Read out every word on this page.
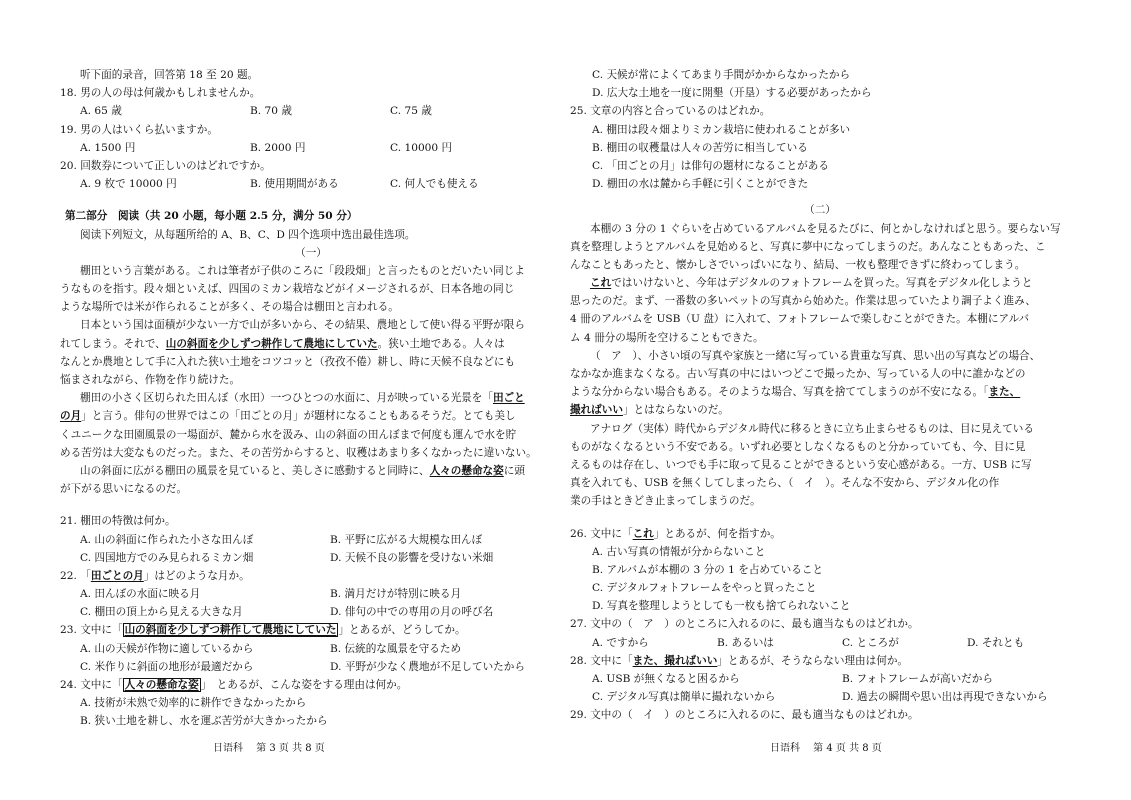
听下面的录音，回答第 18 至 20 题。
18. 男の人の母は何歳かもしれませんか。
A. 65 歳	B. 70 歳	C. 75 歳
19. 男の人はいくら払いますか。
A. 1500 円	B. 2000 円	C. 10000 円
20. 回数券について正しいのはどれですか。
A. 9 枚で 10000 円	B. 使用期間がある	C. 何人でも使える
第二部分　阅读（共 20 小题，每小题 2.5 分，满分 50 分）
阅读下列短文，从每题所给的 A、B、C、D 四个选项中选出最佳选项。
（一）
棚田という言葉がある。これは筆者が子供のころに「段段畑」と言ったものとだいたい同じよ
うなものを指す。段々畑といえば、四国のミカン栽培などがイメージされるが、日本各地の同じ
ような場所では米が作られることが多く、その場合は棚田と言われる。
日本という国は面積が少ない一方で山が多いから、その結果、農地として使い得る平野が限ら
れてしまう。それで、山の斜面を少しずつ耕作して農地にしていた。狭い土地である。人々は
なんとか農地として手に入れた狭い土地をコツコッと（孜孜不倦）耕し、時に天候不良などにも
悩まされながら、作物を作り続けた。
棚田の小さく区切られた田んぼ（水田）一つひとつの水面に、月が映っている光景を「田ごと
の月」と言う。俳句の世界ではこの「田ごとの月」が題材になることもあるそうだ。とても美し
くユニークな田園風景の一場面が、麓から水を汲み、山の斜面の田んぼまで何度も運んで水を貯
める苦労は大変なものだった。また、その苦労からすると、収穫はあまり多くなかったに違いない。
山の斜面に広がる棚田の風景を見ていると、美しさに感動すると同時に、人々の懸命な姿に頭
が下がる思いになるのだ。
21. 棚田の特徴は何か。
A. 山の斜面に作られた小さな田んぼ	B. 平野に広がる大規模な田んぼ
C. 四国地方でのみ見られるミカン畑	D. 天候不良の影響を受けない米畑
22. 「田ごとの月」はどのような月か。
A. 田んぼの水面に映る月	B. 満月だけが特別に映る月
C. 棚田の頂上から見える大きな月	D. 俳句の中での専用の月の呼び名
23. 文中に「 山の斜面を少しずつ耕作して農地にしていた 」とあるが、どうしてか。
A. 山の天候が作物に適しているから	B. 伝統的な風景を守るため
C. 米作りに斜面の地形が最適だから	D. 平野が少なく農地が不足していたから
24. 文中に「 人々の懸命な姿 」　とあるが、こんな姿をする理由は何か。
A. 技術が未熟で効率的に耕作できなかったから
B. 狭い土地を耕し、水を運ぶ苦労が大きかったから
日语科　 第 3 页 共 8 页
C. 天候が常によくてあまり手間がかからなかったから
D. 広大な土地を一度に開墾（开垦）する必要があったから
25. 文章の内容と合っているのはどれか。
A. 棚田は段々畑よりミカン栽培に使われることが多い
B. 棚田の収穫量は人々の苦労に相当している
C. 「田ごとの月」は俳句の題材になることがある
D. 棚田の水は麓から手軽に引くことができた
（二）
本棚の 3 分の 1 ぐらいを占めているアルバムを見るたびに、何とかしなければと思う。要らない写
真を整理しようとアルバムを見始めると、写真に夢中になってしまうのだ。あんなこともあった、こ
んなこともあったと、懐かしさでいっぱいになり、結局、一枚も整理できずに終わってしまう。
これではいけないと、今年はデジタルのフォトフレームを買った。写真をデジタル化しようと
思ったのだ。まず、一番数の多いペットの写真から始めた。作業は思っていたより調子よく進み、
4 冊のアルバムを USB（U 盘）に入れて、フォトフレームで楽しむことができた。本棚にアルバ
ム 4 冊分の場所を空けることもできた。
（　ア　）、小さい頃の写真や家族と一緒に写っている貴重な写真、思い出の写真などの場合、
なかなか進まなくなる。古い写真の中にはいつどこで撮ったか、写っている人の中に誰かなどの
ような分からない場合もある。そのような場合、写真を捨ててしまうのが不安になる。「また、
撮ればいい」とはならないのだ。
アナログ（実体）時代からデジタル時代に移るときに立ち止まらせるものは、目に見えている
ものがなくなるという不安である。いずれ必要としなくなるものと分かっていても、今、目に見
えるものは存在し、いつでも手に取って見ることができるという安心感がある。一方、USB に写
真を入れても、USB を無くしてしまったら、（　イ　）。そんな不安から、デジタル化の作
業の手はときどき止まってしまうのだ。
26. 文中に「これ」とあるが、何を指すか。
A. 古い写真の情報が分からないこと
B. アルバムが本棚の 3 分の 1 を占めていること
C. デジタルフォトフレームをやっと買ったこと
D. 写真を整理しようとしても一枚も捨てられないこと
27. 文中の（　ア　）のところに入れるのに、最も適当なものはどれか。
A. ですから	B. あるいは	C. ところが	D. それとも
28. 文中に「また、撮ればいい」とあるが、そうならない理由は何か。
A. USB が無くなると困るから	B. フォトフレームが高いだから
C. デジタル写真は簡単に撮れないから	D. 過去の瞬間や思い出は再現できないから
29. 文中の（　イ　）のところに入れるのに、最も適当なものはどれか。
日语科　 第 4 页 共 8 页
